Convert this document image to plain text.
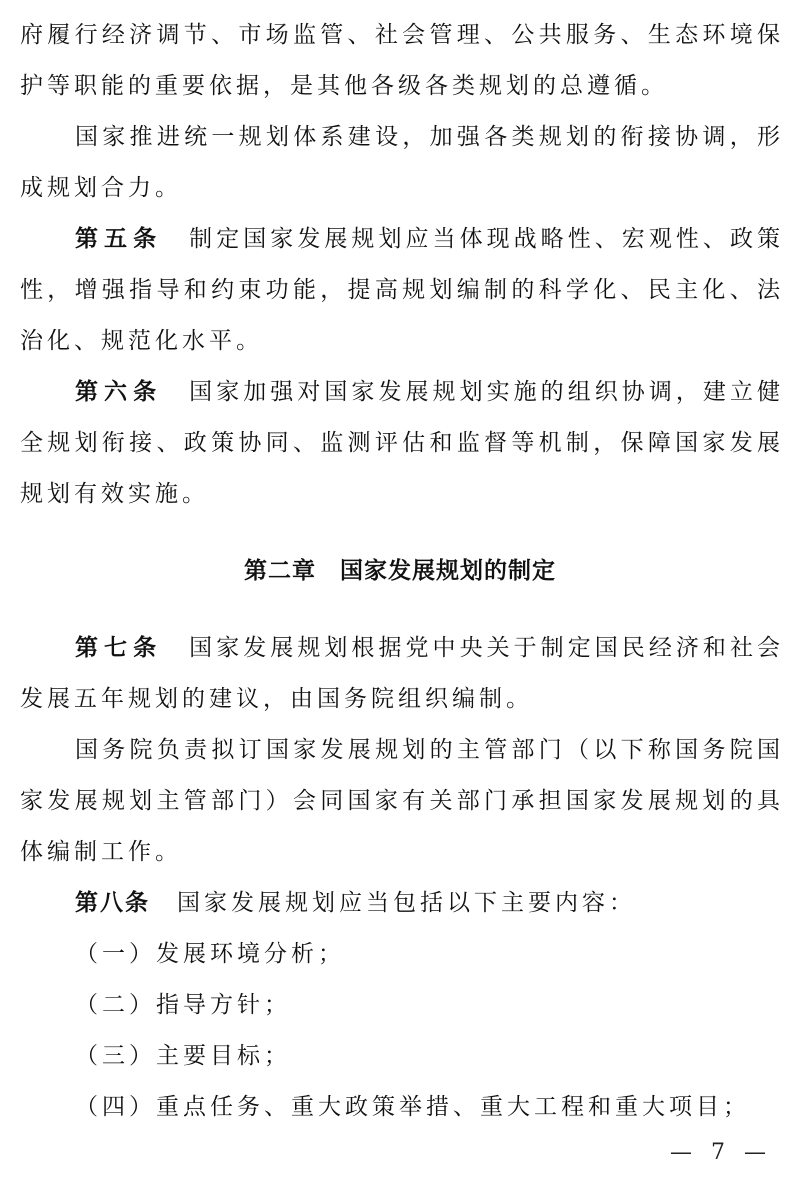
府履行经济调节、市场监管、社会管理、公共服务、生态环境保
护等职能的重要依据，是其他各级各类规划的总遵循。
国家推进统一规划体系建设，加强各类规划的衔接协调，形
成规划合力。
第五条　制定国家发展规划应当体现战略性、宏观性、政策
性，增强指导和约束功能，提高规划编制的科学化、民主化、法
治化、规范化水平。
第六条　国家加强对国家发展规划实施的组织协调，建立健
全规划衔接、政策协同、监测评估和监督等机制，保障国家发展
规划有效实施。
第二章　国家发展规划的制定
第七条　国家发展规划根据党中央关于制定国民经济和社会
发展五年规划的建议，由国务院组织编制。
国务院负责拟订国家发展规划的主管部门（以下称国务院国
家发展规划主管部门）会同国家有关部门承担国家发展规划的具
体编制工作。
第八条　国家发展规划应当包括以下主要内容：
（一）发展环境分析；
（二）指导方针；
（三）主要目标；
（四）重点任务、重大政策举措、重大工程和重大项目；
— 7 —
